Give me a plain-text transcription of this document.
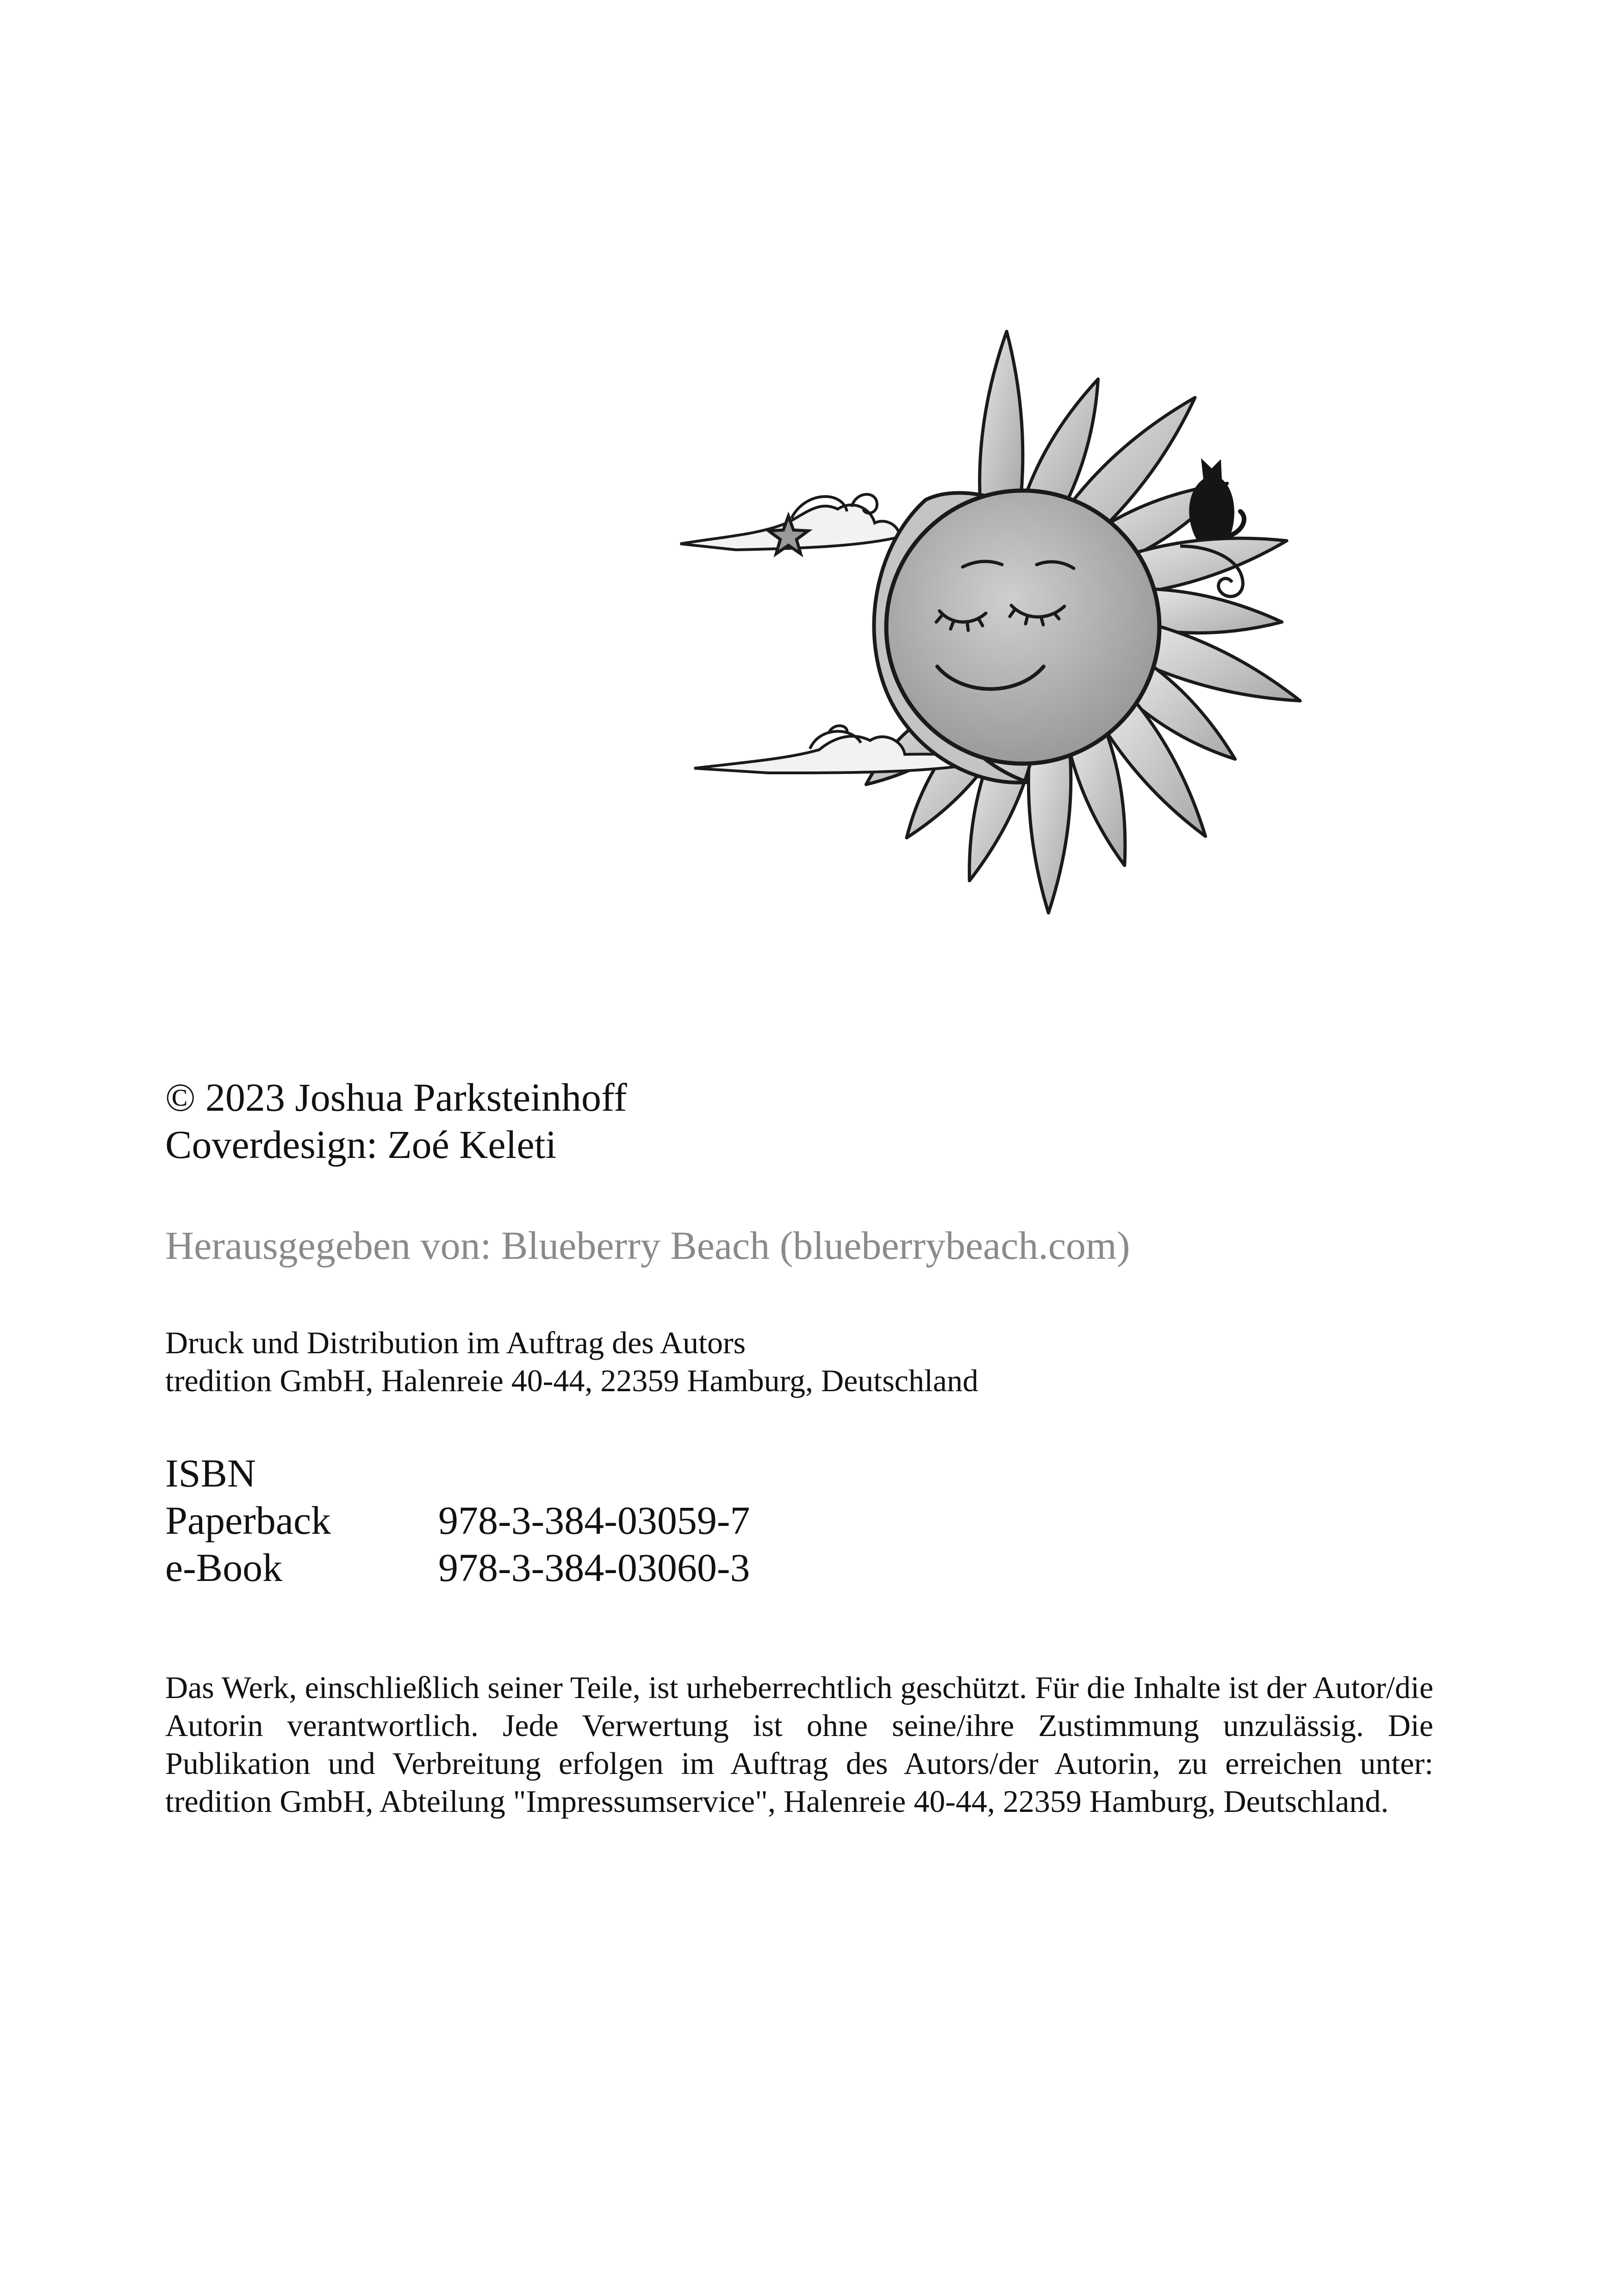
© 2023 Joshua Parksteinhoff
Coverdesign: Zoé Keleti
Herausgegeben von: Blueberry Beach (blueberrybeach.com)
Druck und Distribution im Auftrag des Autors
tredition GmbH, Halenreie 40-44, 22359 Hamburg, Deutschland
ISBN
Paperback	978-3-384-03059-7
e-Book	978-3-384-03060-3
Das Werk, einschließlich seiner Teile, ist urheberrechtlich geschützt. Für die Inhalte ist der Autor/die Autorin verantwortlich. Jede Verwertung ist ohne seine/ihre Zustimmung unzulässig. Die Publikation und Verbreitung erfolgen im Auftrag des Autors/der Autorin, zu erreichen unter: tredition GmbH, Abteilung "Impressumservice", Halenreie 40-44, 22359 Hamburg, Deutschland.
